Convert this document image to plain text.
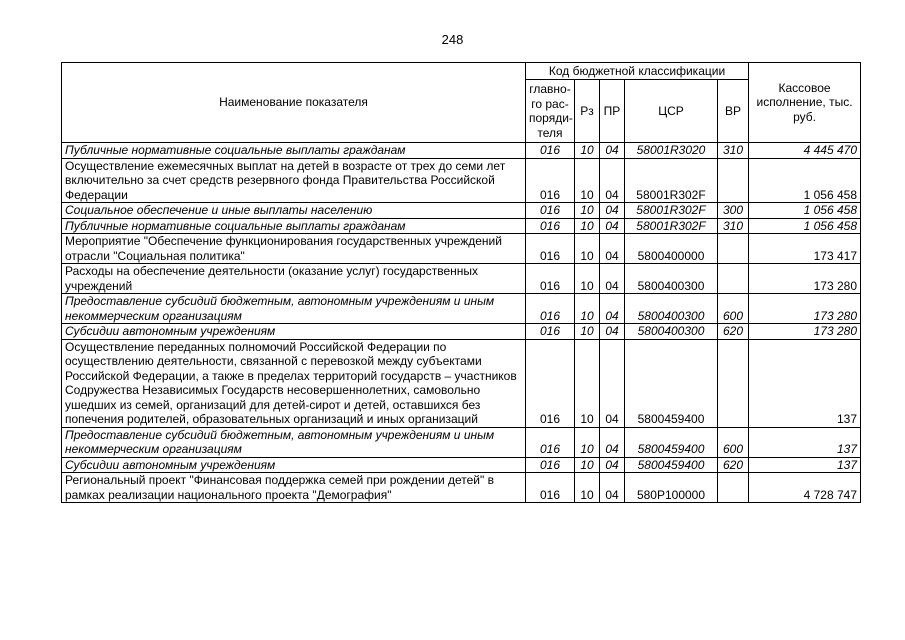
248
Наименование показателя	Код бюджетной классификации					Кассовое исполнение, тыс. руб.
	главно-го рас-поряди-теля	Рз	ПР	ЦСР	ВР	
Публичные нормативные социальные выплаты гражданам	016	10	04	58001R3020	310	4 445 470
Осуществление ежемесячных выплат на детей в возрасте от трех до семи лет включительно за счет средств резервного фонда Правительства Российской Федерации	016	10	04	58001R302F		1 056 458
Социальное обеспечение и иные выплаты населению	016	10	04	58001R302F	300	1 056 458
Публичные нормативные социальные выплаты гражданам	016	10	04	58001R302F	310	1 056 458
Мероприятие "Обеспечение функционирования государственных учреждений отрасли "Социальная политика"	016	10	04	5800400000		173 417
Расходы на обеспечение деятельности (оказание услуг) государственных учреждений	016	10	04	5800400300		173 280
Предоставление субсидий бюджетным, автономным учреждениям и иным некоммерческим организациям	016	10	04	5800400300	600	173 280
Субсидии автономным учреждениям	016	10	04	5800400300	620	173 280
Осуществление переданных полномочий Российской Федерации по осуществлению деятельности, связанной с перевозкой между субъектами Российской Федерации, а также в пределах территорий государств – участников Содружества Независимых Государств несовершеннолетних, самовольно ушедших из семей, организаций для детей-сирот и детей, оставшихся без попечения родителей, образовательных организаций и иных организаций	016	10	04	5800459400		137
Предоставление субсидий бюджетным, автономным учреждениям и иным некоммерческим организациям	016	10	04	5800459400	600	137
Субсидии автономным учреждениям	016	10	04	5800459400	620	137
Региональный проект "Финансовая поддержка семей при рождении детей" в рамках реализации национального проекта "Демография"	016	10	04	580P100000		4 728 747
